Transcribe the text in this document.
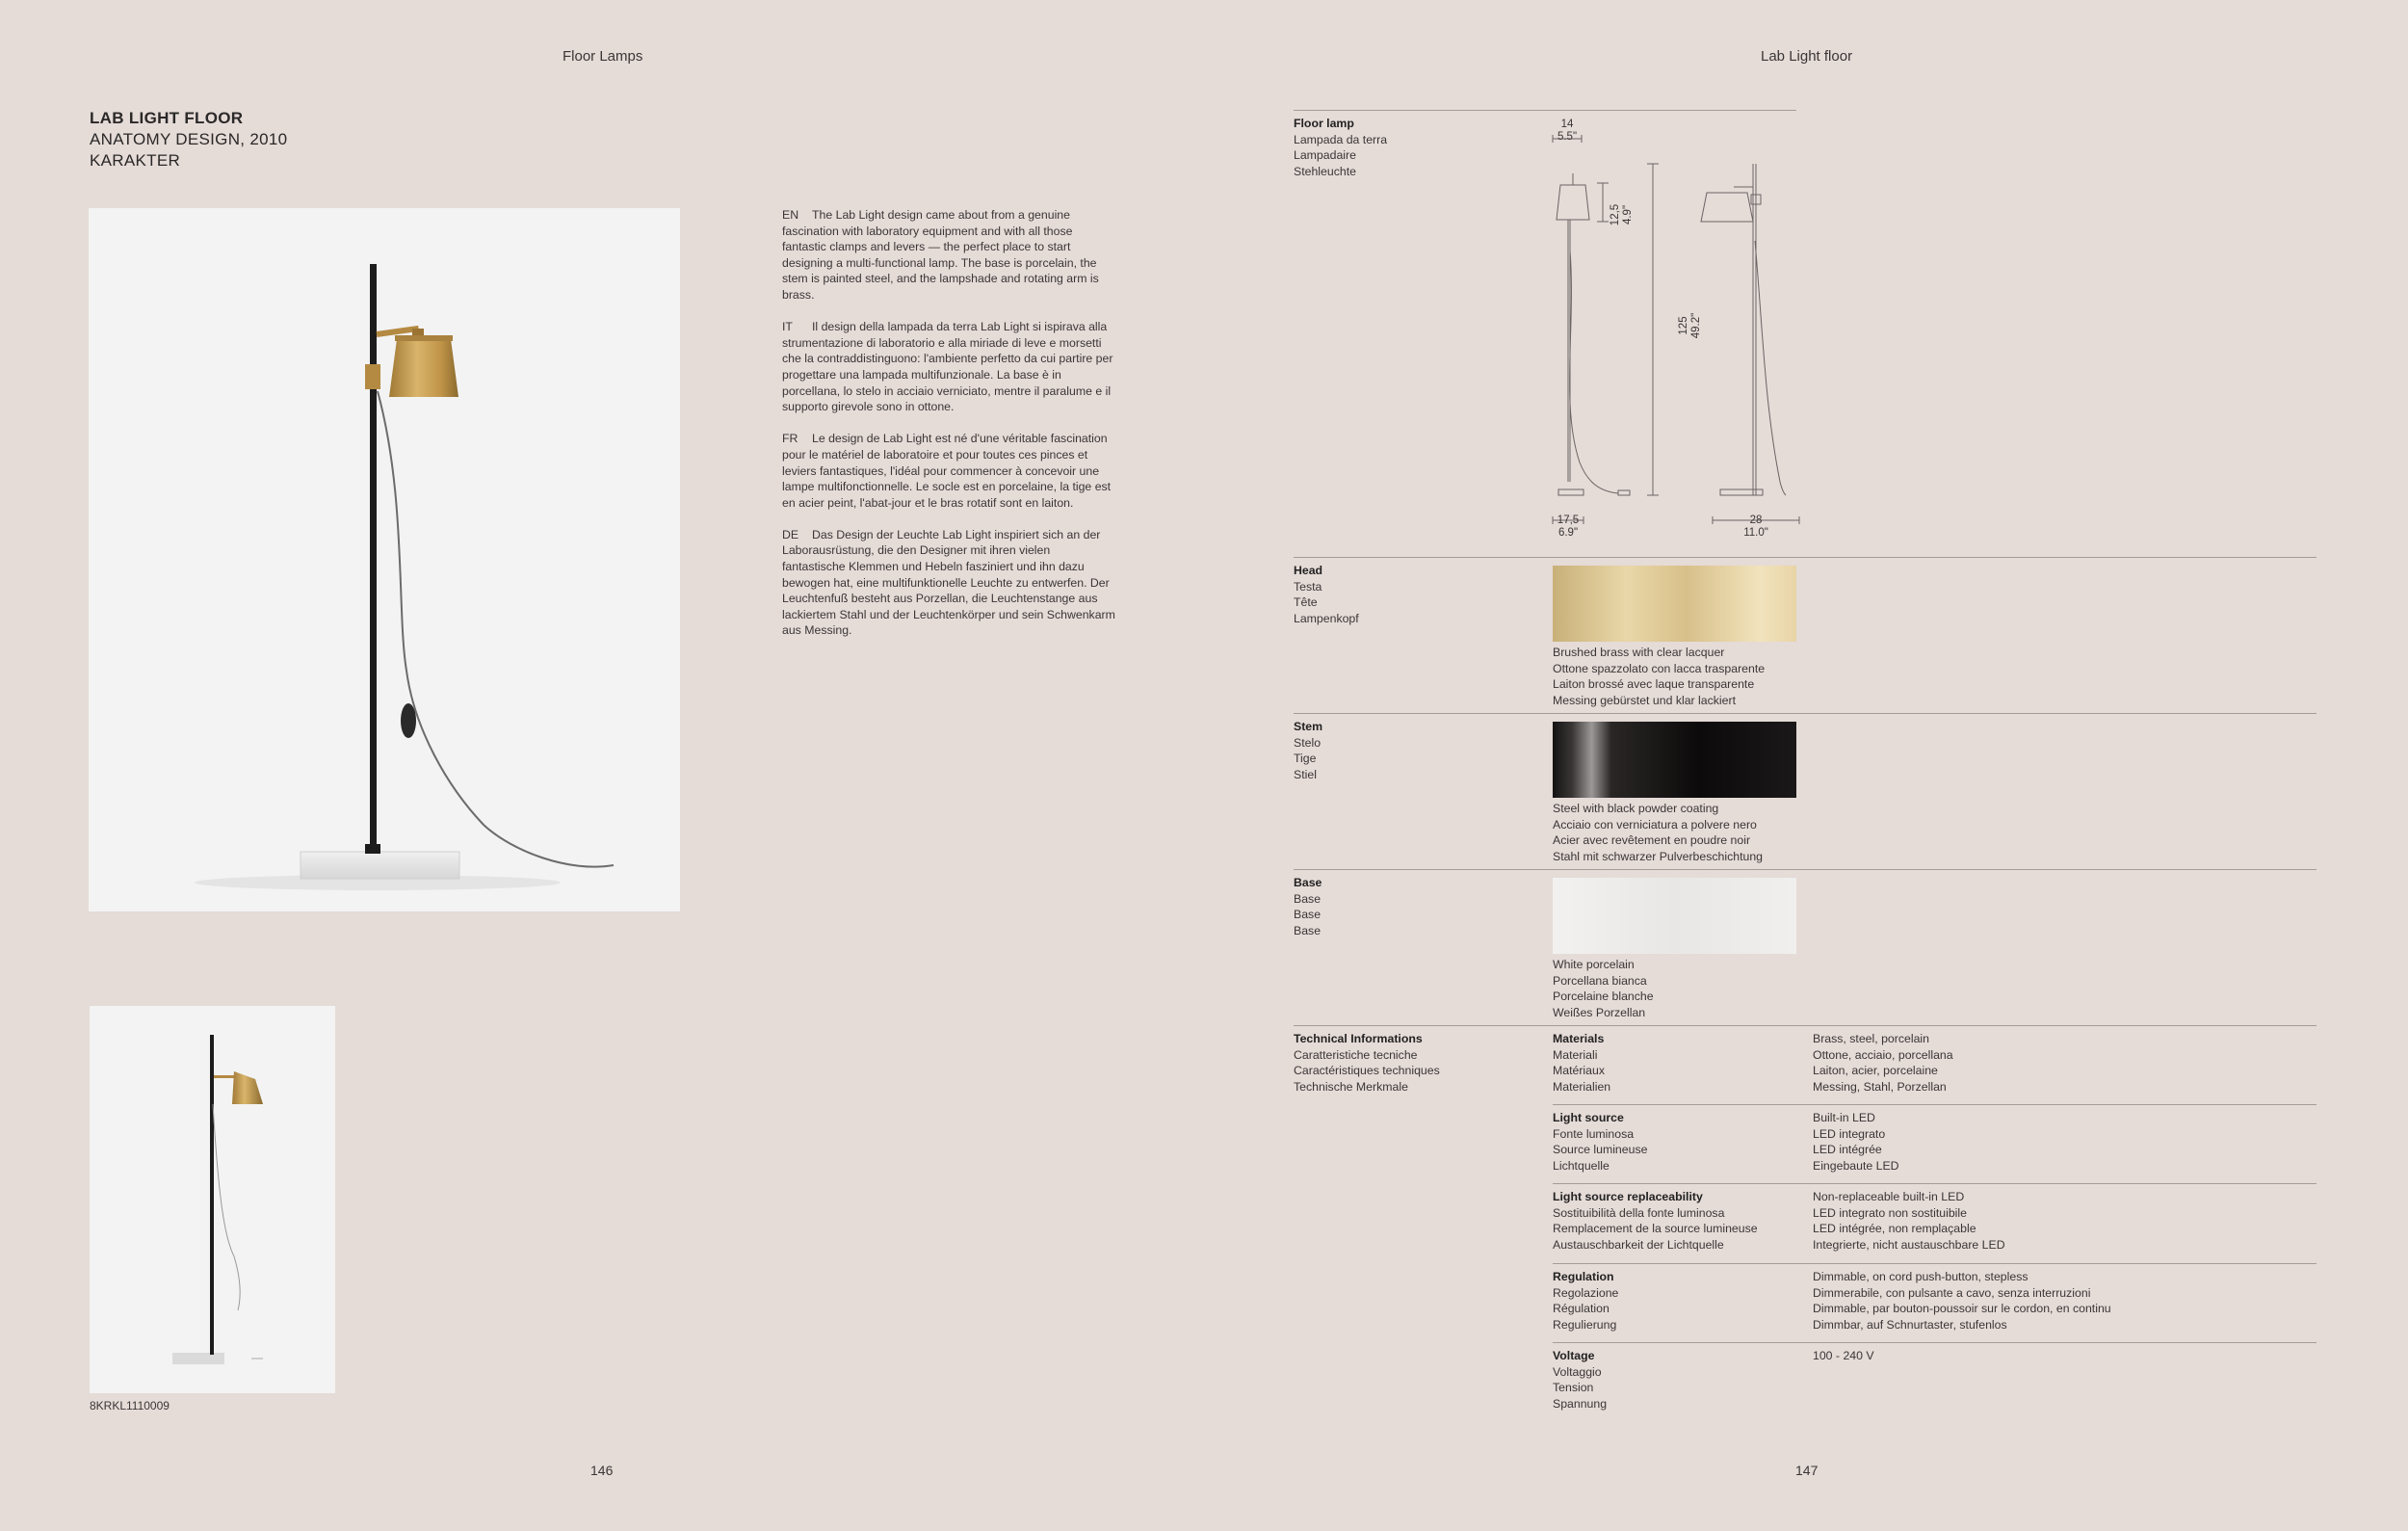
Floor Lamps
LAB LIGHT FLOOR
ANATOMY DESIGN, 2010
KARAKTER

EN The Lab Light design came about from a genuine fascination with laboratory equipment and with all those fantastic clamps and levers — the perfect place to start designing a multi-functional lamp. The base is porcelain, the stem is painted steel, and the lampshade and rotating arm is brass.

IT Il design della lampada da terra Lab Light si ispirava alla strumentazione di laboratorio e alla miriade di leve e morsetti che la contraddistinguono: l'ambiente perfetto da cui partire per progettare una lampada multifunzionale. La base è in porcellana, lo stelo in acciaio verniciato, mentre il paralume e il supporto girevole sono in ottone.

FR Le design de Lab Light est né d'une véritable fascination pour le matériel de laboratoire et pour toutes ces pinces et leviers fantastiques, l'idéal pour commencer à concevoir une lampe multifonctionnelle. Le socle est en porcelaine, la tige est en acier peint, l'abat-jour et le bras rotatif sont en laiton.

DE Das Design der Leuchte Lab Light inspiriert sich an der Laborausrüstung, die den Designer mit ihren vielen fantastische Klemmen und Hebeln fasziniert und ihn dazu bewogen hat, eine multifunktionelle Leuchte zu entwerfen. Der Leuchtenfuß besteht aus Porzellan, die Leuchtenstange aus lackiertem Stahl und der Leuchtenkörper und sein Schwenkarm aus Messing.

8KRKL1110009
146
Lab Light floor
Floor lamp
Lampada da terra
Lampadaire
Stehleuchte
14
5.5"
12,5 4.9"
125 49.2"
17,5
6.9"
28
11.0"
Head
Testa
Tête
Lampenkopf
Brushed brass with clear lacquer
Ottone spazzolato con lacca trasparente
Laiton brossé avec laque transparente
Messing gebürstet und klar lackiert
Stem
Stelo
Tige
Stiel
Steel with black powder coating
Acciaio con verniciatura a polvere nero
Acier avec revêtement en poudre noir
Stahl mit schwarzer Pulverbeschichtung
Base
Base
Base
Base
White porcelain
Porcellana bianca
Porcelaine blanche
Weißes Porzellan
Technical Informations
Caratteristiche tecniche
Caractéristiques techniques
Technische Merkmale
Materials
Materiali
Matériaux
Materialien
Brass, steel, porcelain
Ottone, acciaio, porcellana
Laiton, acier, porcelaine
Messing, Stahl, Porzellan
Light source
Fonte luminosa
Source lumineuse
Lichtquelle
Built-in LED
LED integrato
LED intégrée
Eingebaute LED
Light source replaceability
Sostituibilità della fonte luminosa
Remplacement de la source lumineuse
Austauschbarkeit der Lichtquelle
Non-replaceable built-in LED
LED integrato non sostituibile
LED intégrée, non remplaçable
Integrierte, nicht austauschbare LED
Regulation
Regolazione
Régulation
Regulierung
Dimmable, on cord push-button, stepless
Dimmerabile, con pulsante a cavo, senza interruzioni
Dimmable, par bouton-poussoir sur le cordon, en continu
Dimmbar, auf Schnurtaster, stufenlos
Voltage
Voltaggio
Tension
Spannung
100 - 240 V
147
